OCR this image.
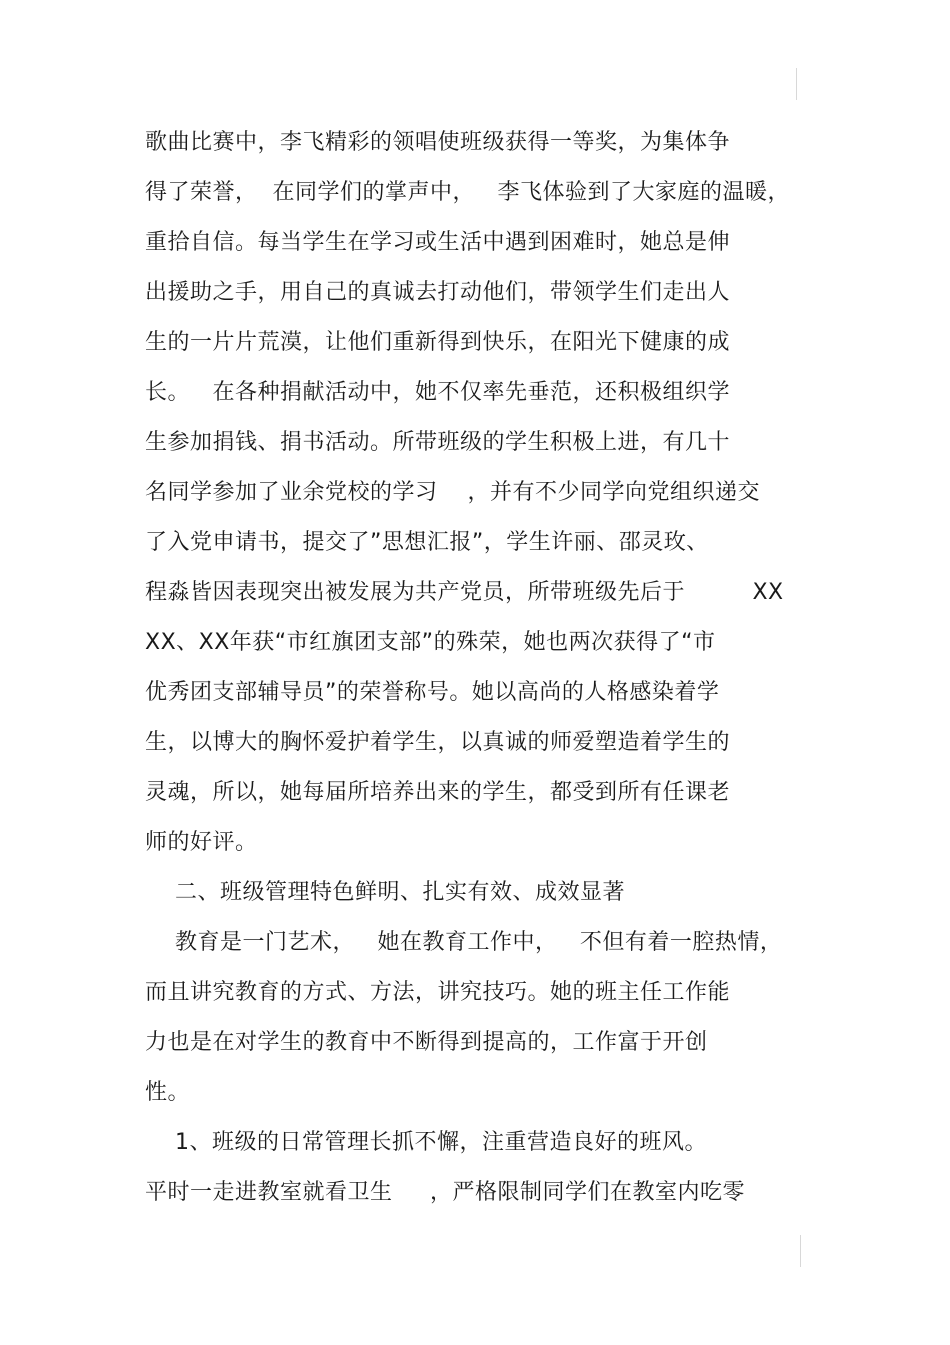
歌曲比赛中，李飞精彩的领唱使班级获得一等奖，为集体争
得了荣誉，  在同学们的掌声中，   李飞体验到了大家庭的温暖，
重拾自信。每当学生在学习或生活中遇到困难时，她总是伸
出援助之手，用自己的真诚去打动他们，带领学生们走出人
生的一片片荒漠，让他们重新得到快乐，在阳光下健康的成
长。   在各种捐献活动中，她不仅率先垂范，还积极组织学
生参加捐钱、捐书活动。所带班级的学生积极上进，有几十
名同学参加了业余党校的学习    ，并有不少同学向党组织递交
了入党申请书，提交了”思想汇报”，学生许丽、邵灵玫、
程淼皆因表现突出被发展为共产党员，所带班级先后于         XX
XX、XX年获“市红旗团支部”的殊荣，她也两次获得了“市
优秀团支部辅导员”的荣誉称号。她以高尚的人格感染着学
生，以博大的胸怀爱护着学生，以真诚的师爱塑造着学生的
灵魂，所以，她每届所培养出来的学生，都受到所有任课老
师的好评。
二、班级管理特色鲜明、扎实有效、成效显著
教育是一门艺术，   她在教育工作中，   不但有着一腔热情，
而且讲究教育的方式、方法，讲究技巧。她的班主任工作能
力也是在对学生的教育中不断得到提高的，工作富于开创
性。
1、班级的日常管理长抓不懈，注重营造良好的班风。
平时一走进教室就看卫生     ，严格限制同学们在教室内吃零
